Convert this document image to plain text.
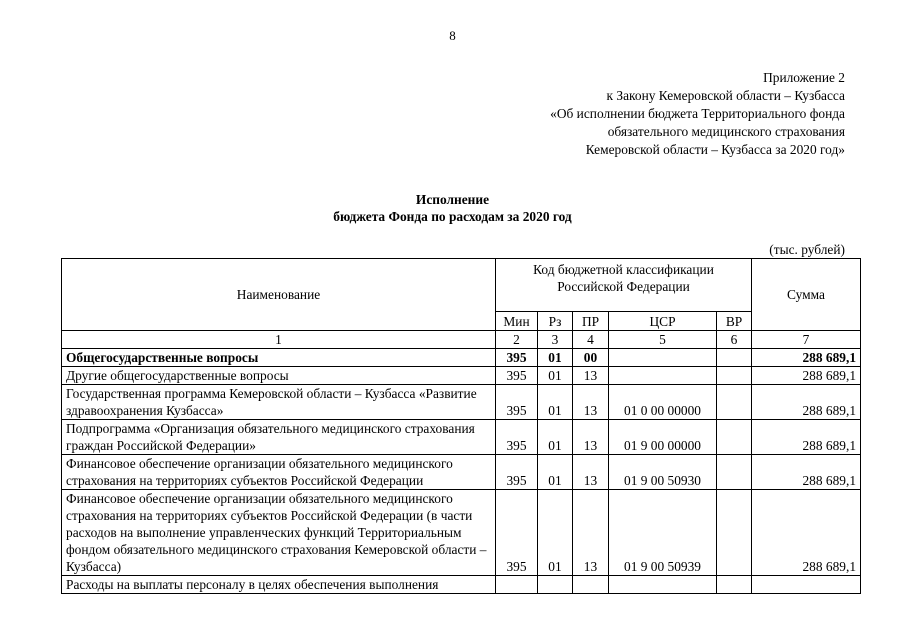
8
Приложение 2
к Закону Кемеровской области – Кузбасса
«Об исполнении бюджета Территориального фонда
обязательного медицинского страхования
Кемеровской области – Кузбасса за 2020 год»
Исполнение
бюджета Фонда по расходам за 2020 год
(тыс. рублей)
Наименование	Код бюджетной классификации
Российской Федерации					Сумма
	Мин	Рз	ПР	ЦСР	ВР	
1	2	3	4	5	6	7
Общегосударственные вопросы	395	01	00			288 689,1
Другие общегосударственные вопросы	395	01	13			288 689,1
Государственная программа Кемеровской области – Кузбасса «Развитие здравоохранения Кузбасса»	395	01	13	01 0 00 00000		288 689,1
Подпрограмма «Организация обязательного медицинского страхования граждан Российской Федерации»	395	01	13	01 9 00 00000		288 689,1
Финансовое обеспечение организации обязательного медицинского страхования на территориях субъектов Российской Федерации	395	01	13	01 9 00 50930		288 689,1
Финансовое обеспечение организации обязательного медицинского страхования на территориях субъектов Российской Федерации (в части расходов на выполнение управленческих функций Территориальным фондом обязательного медицинского страхования Кемеровской области – Кузбасса)	395	01	13	01 9 00 50939		288 689,1
Расходы на выплаты персоналу в целях обеспечения выполнения						
